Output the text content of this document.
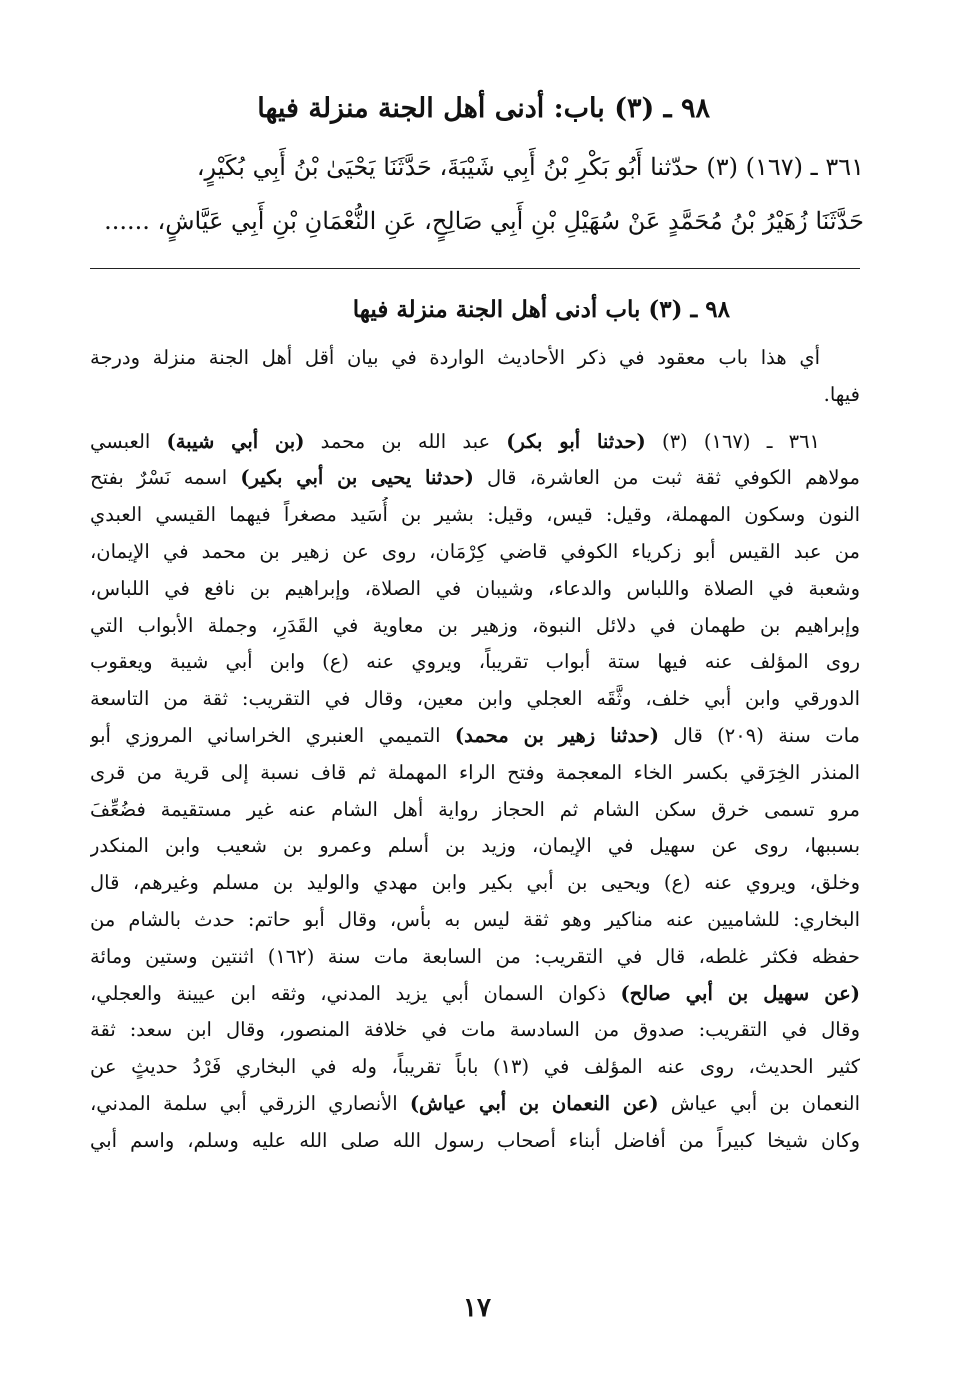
٩٨ ـ (٣) باب: أدنى أهل الجنة منزلة فيها
٣٦١ ـ (١٦٧) (٣) حدّثنا أَبُو بَكْرِ بْنُ أَبِي شَيْبَةَ، حَدَّثَنَا يَحْيَىٰ بْنُ أَبِي بُكَيْرٍ،
حَدَّثَنَا زُهَيْرُ بْنُ مُحَمَّدٍ عَنْ سُهَيْلِ بْنِ أَبِي صَالِحٍ، عَنِ النُّعْمَانِ بْنِ أَبِي عَيَّاشٍ، ......
٩٨ ـ (٣) باب أدنى أهل الجنة منزلة فيها
أي هذا باب معقود في ذكر الأحاديث الواردة في بيان أقل أهل الجنة منزلة ودرجة
فيها.
٣٦١ ـ (١٦٧) (٣) (حدثنا أبو بكر) عبد الله بن محمد (بن أبي شيبة) العبسي
مولاهم الكوفي ثقة ثبت من العاشرة، قال (حدثنا يحيى بن أبي بكير) اسمه نَسْرٌ بفتح
النون وسكون المهملة، وقيل: قيس، وقيل: بشير بن أُسَيد مصغراً فيهما القيسي العبدي
من عبد القيس أبو زكرياء الكوفي قاضي كِرْمَان، روى عن زهير بن محمد في الإيمان،
وشعبة في الصلاة واللباس والدعاء، وشيبان في الصلاة، وإبراهيم بن نافع في اللباس،
وإبراهيم بن طهمان في دلائل النبوة، وزهير بن معاوية في القَدَرِ، وجملة الأبواب التي
روى المؤلف عنه فيها ستة أبواب تقريباً، ويروي عنه (ع) وابن أبي شيبة ويعقوب
الدورقي وابن أبي خلف، وثَّقَه العجلي وابن معين، وقال في التقريب: ثقة من التاسعة
مات سنة (٢٠٩) قال (حدثنا زهير بن محمد) التميمي العنبري الخراساني المروزي أبو
المنذر الخِرَقي بكسر الخاء المعجمة وفتح الراء المهملة ثم قاف نسبة إلى قرية من قرى
مرو تسمى خرق سكن الشام ثم الحجاز رواية أهل الشام عنه غير مستقيمة فضُعِّفَ
بسببها، روى عن سهيل في الإيمان، وزيد بن أسلم وعمرو بن شعيب وابن المنكدر
وخلق، ويروي عنه (ع) ويحيى بن أبي بكير وابن مهدي والوليد بن مسلم وغيرهم، قال
البخاري: للشاميين عنه مناكير وهو ثقة ليس به بأس، وقال أبو حاتم: حدث بالشام من
حفظه فكثر غلطه، قال في التقريب: من السابعة مات سنة (١٦٢) اثنتين وستين ومائة
(عن سهيل بن أبي صالح) ذكوان السمان أبي يزيد المدني، وثقه ابن عيينة والعجلي،
وقال في التقريب: صدوق من السادسة مات في خلافة المنصور، وقال ابن سعد: ثقة
كثير الحديث، روى عنه المؤلف في (١٣) باباً تقريباً، وله في البخاري فَرْدُ حديثٍ عن
النعمان بن أبي عياش (عن النعمان بن أبي عياش) الأنصاري الزرقي أبي سلمة المدني،
وكان شيخا كبيراً من أفاضل أبناء أصحاب رسول الله صلى الله عليه وسلم، واسم أبي
١٧
